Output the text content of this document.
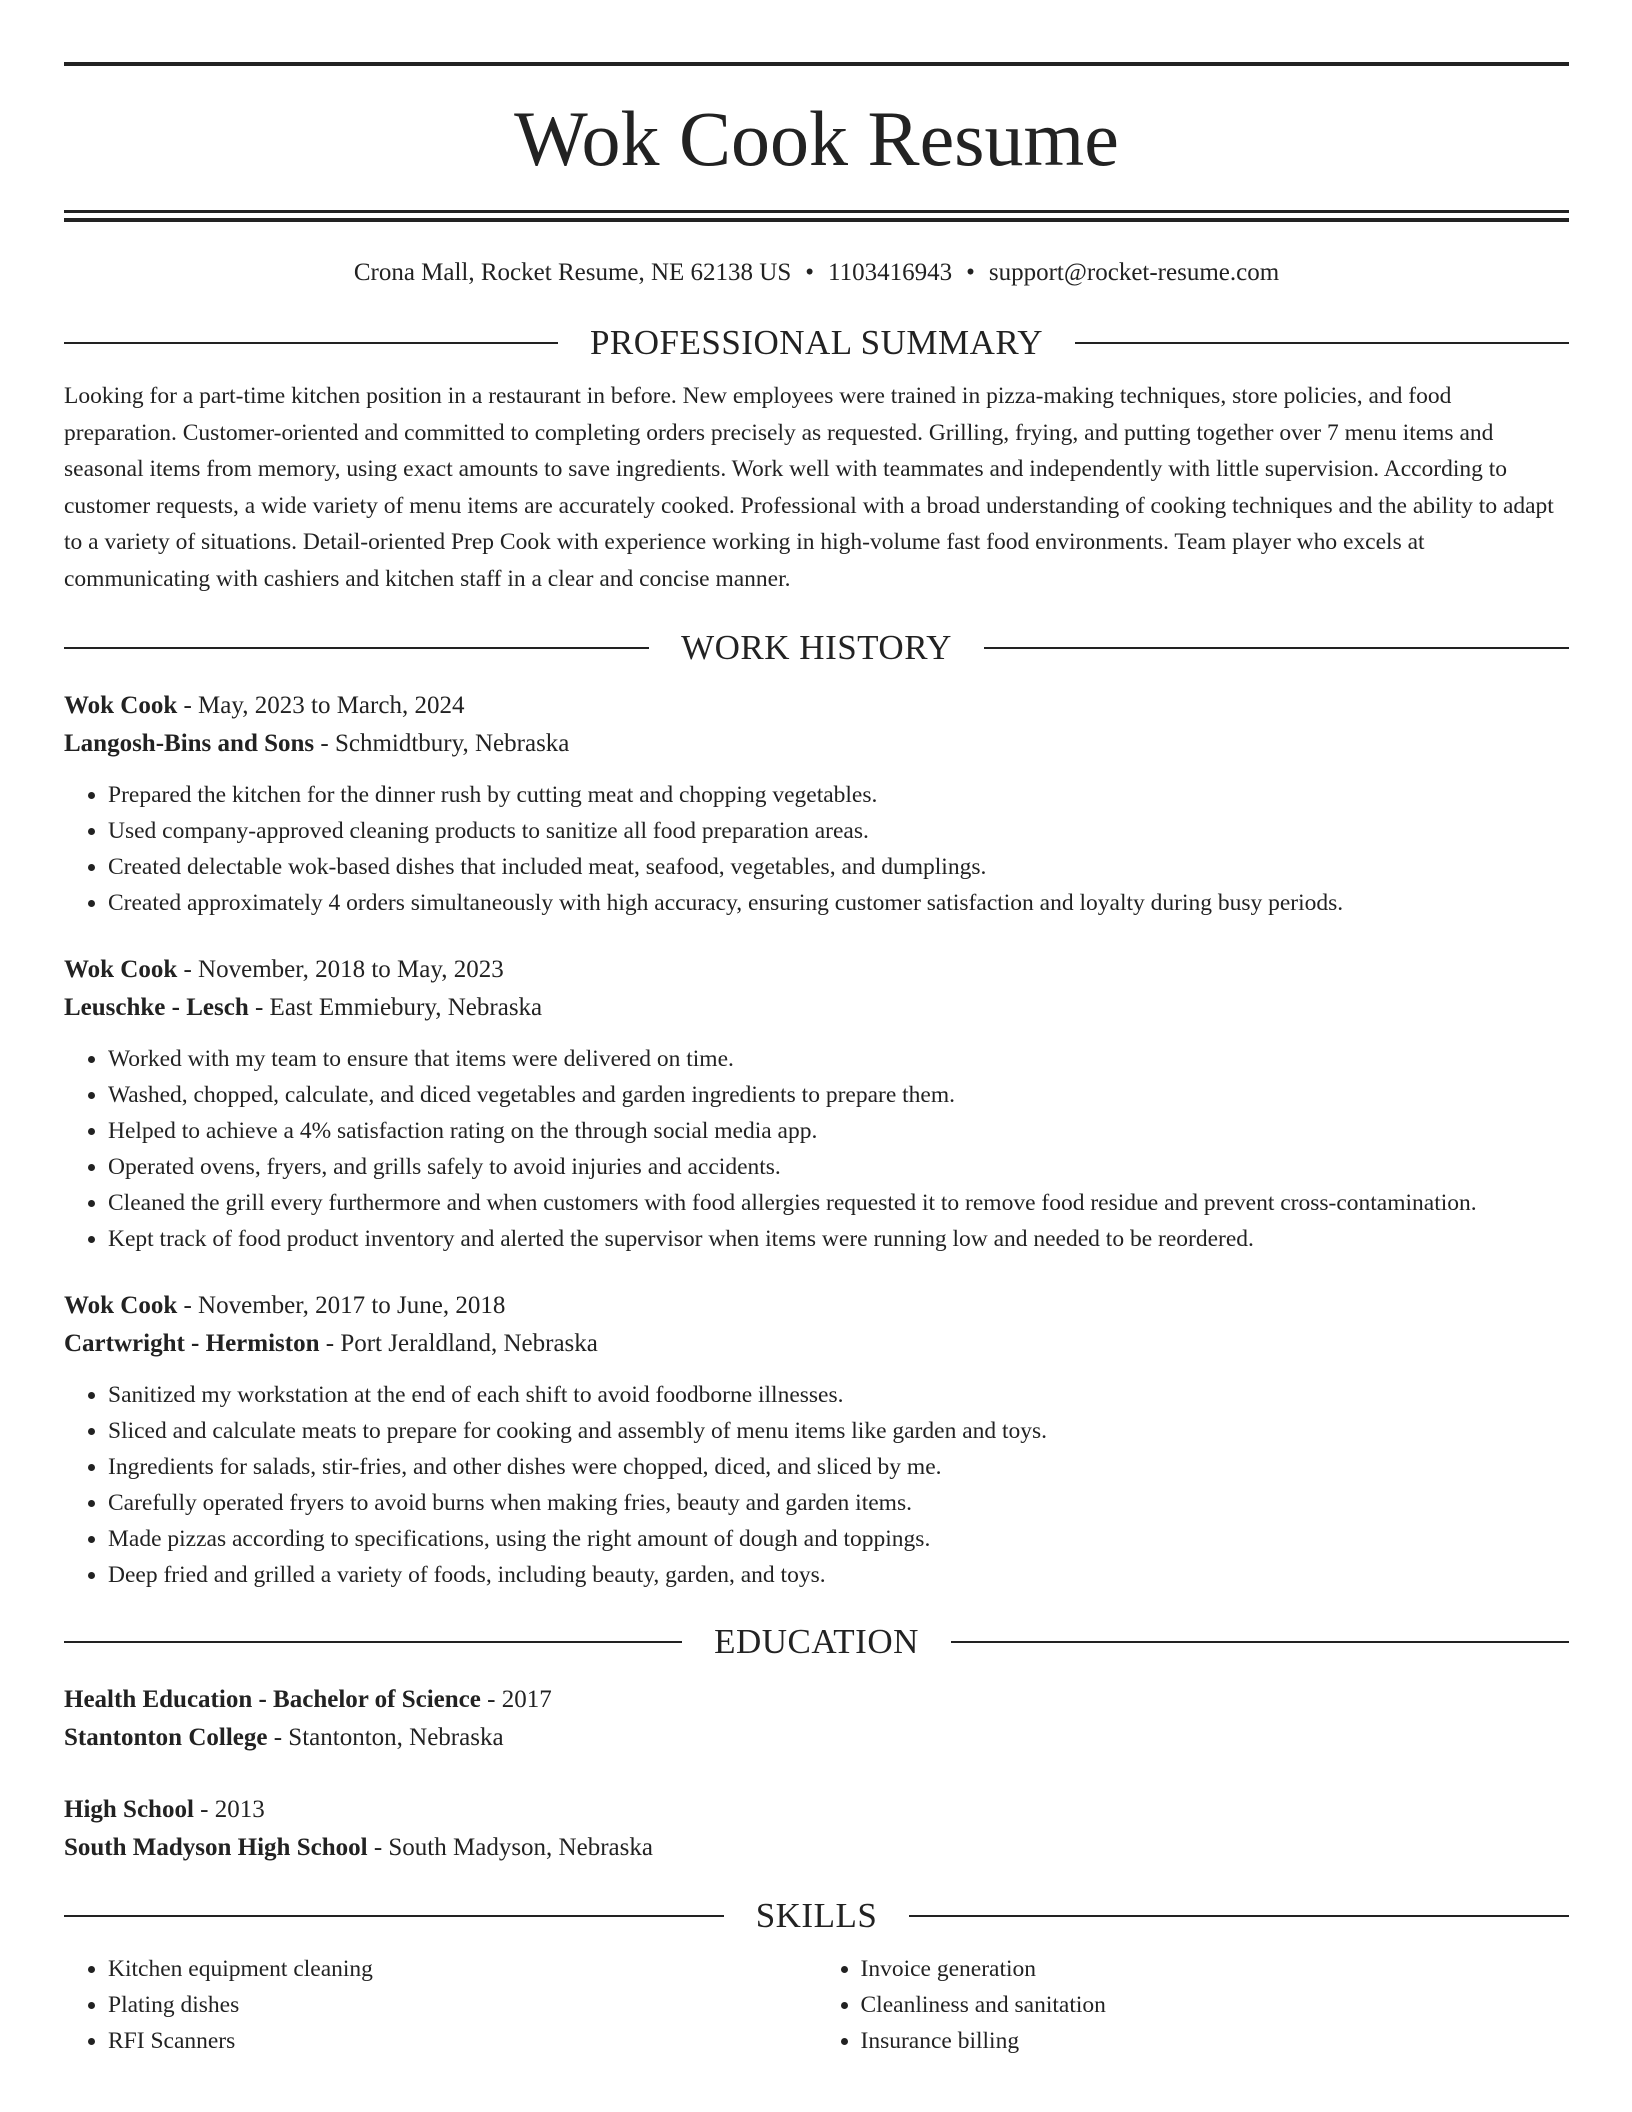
Wok Cook Resume
Crona Mall, Rocket Resume, NE 62138 US • 1103416943 • support@rocket-resume.com
PROFESSIONAL SUMMARY

Looking for a part-time kitchen position in a restaurant in before. New employees were trained in pizza-making techniques, store policies, and food preparation. Customer-oriented and committed to completing orders precisely as requested. Grilling, frying, and putting together over 7 menu items and seasonal items from memory, using exact amounts to save ingredients. Work well with teammates and independently with little supervision. According to customer requests, a wide variety of menu items are accurately cooked. Professional with a broad understanding of cooking techniques and the ability to adapt to a variety of situations. Detail-oriented Prep Cook with experience working in high-volume fast food environments. Team player who excels at communicating with cashiers and kitchen staff in a clear and concise manner.

WORK HISTORY
Wok Cook - May, 2023 to March, 2024
Langosh-Bins and Sons - Schmidtbury, Nebraska
• Prepared the kitchen for the dinner rush by cutting meat and chopping vegetables.
• Used company-approved cleaning products to sanitize all food preparation areas.
• Created delectable wok-based dishes that included meat, seafood, vegetables, and dumplings.
• Created approximately 4 orders simultaneously with high accuracy, ensuring customer satisfaction and loyalty during busy periods.
Wok Cook - November, 2018 to May, 2023
Leuschke - Lesch - East Emmiebury, Nebraska
• Worked with my team to ensure that items were delivered on time.
• Washed, chopped, calculate, and diced vegetables and garden ingredients to prepare them.
• Helped to achieve a 4% satisfaction rating on the through social media app.
• Operated ovens, fryers, and grills safely to avoid injuries and accidents.
• Cleaned the grill every furthermore and when customers with food allergies requested it to remove food residue and prevent cross-contamination.
• Kept track of food product inventory and alerted the supervisor when items were running low and needed to be reordered.
Wok Cook - November, 2017 to June, 2018
Cartwright - Hermiston - Port Jeraldland, Nebraska
• Sanitized my workstation at the end of each shift to avoid foodborne illnesses.
• Sliced and calculate meats to prepare for cooking and assembly of menu items like garden and toys.
• Ingredients for salads, stir-fries, and other dishes were chopped, diced, and sliced by me.
• Carefully operated fryers to avoid burns when making fries, beauty and garden items.
• Made pizzas according to specifications, using the right amount of dough and toppings.
• Deep fried and grilled a variety of foods, including beauty, garden, and toys.
EDUCATION
Health Education - Bachelor of Science - 2017
Stantonton College - Stantonton, Nebraska
High School - 2013
South Madyson High School - South Madyson, Nebraska
SKILLS
• Kitchen equipment cleaning
• Plating dishes
• RFI Scanners
• Invoice generation
• Cleanliness and sanitation
• Insurance billing
